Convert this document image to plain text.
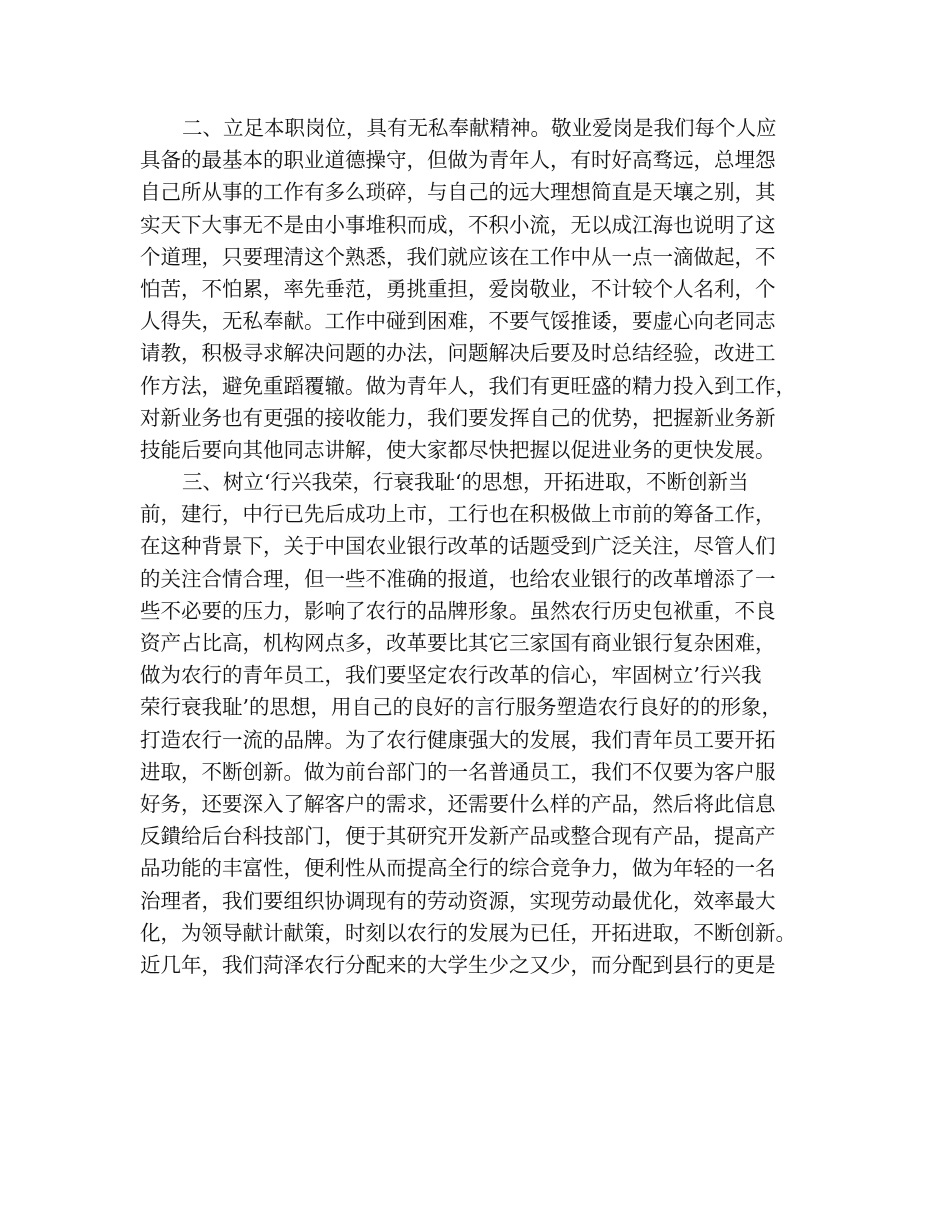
二、立足本职岗位，具有无私奉献精神。敬业爱岗是我们每个人应
具备的最基本的职业道德操守，但做为青年人，有时好高骛远，总埋怨
自己所从事的工作有多么琐碎，与自己的远大理想简直是天壤之别，其
实天下大事无不是由小事堆积而成，不积小流，无以成江海也说明了这
个道理，只要理清这个熟悉，我们就应该在工作中从一点一滴做起，不
怕苦，不怕累，率先垂范，勇挑重担，爱岗敬业，不计较个人名利，个
人得失，无私奉献。工作中碰到困难，不要气馁推诿，要虚心向老同志
请教，积极寻求解决问题的办法，问题解决后要及时总结经验，改进工
作方法，避免重蹈覆辙。做为青年人，我们有更旺盛的精力投入到工作，
对新业务也有更强的接收能力，我们要发挥自己的优势，把握新业务新
技能后要向其他同志讲解，使大家都尽快把握以促进业务的更快发展。
三、树立‘行兴我荣，行衰我耻‘的思想，开拓进取，不断创新当
前，建行，中行已先后成功上市，工行也在积极做上市前的筹备工作，
在这种背景下，关于中国农业银行改革的话题受到广泛关注，尽管人们
的关注合情合理，但一些不准确的报道，也给农业银行的改革增添了一
些不必要的压力，影响了农行的品牌形象。虽然农行历史包袱重，不良
资产占比高，机构网点多，改革要比其它三家国有商业银行复杂困难，
做为农行的青年员工，我们要坚定农行改革的信心，牢固树立’行兴我
荣行衰我耻’的思想，用自己的良好的言行服务塑造农行良好的的形象，
打造农行一流的品牌。为了农行健康强大的发展，我们青年员工要开拓
进取，不断创新。做为前台部门的一名普通员工，我们不仅要为客户服
好务，还要深入了解客户的需求，还需要什么样的产品，然后将此信息
反鐀给后台科技部门，便于其研究开发新产品或整合现有产品，提高产
品功能的丰富性，便利性从而提高全行的综合竞争力，做为年轻的一名
治理者，我们要组织协调现有的劳动资源，实现劳动最优化，效率最大
化，为领导献计献策，时刻以农行的发展为已任，开拓进取，不断创新。
近几年，我们菏泽农行分配来的大学生少之又少，而分配到县行的更是
